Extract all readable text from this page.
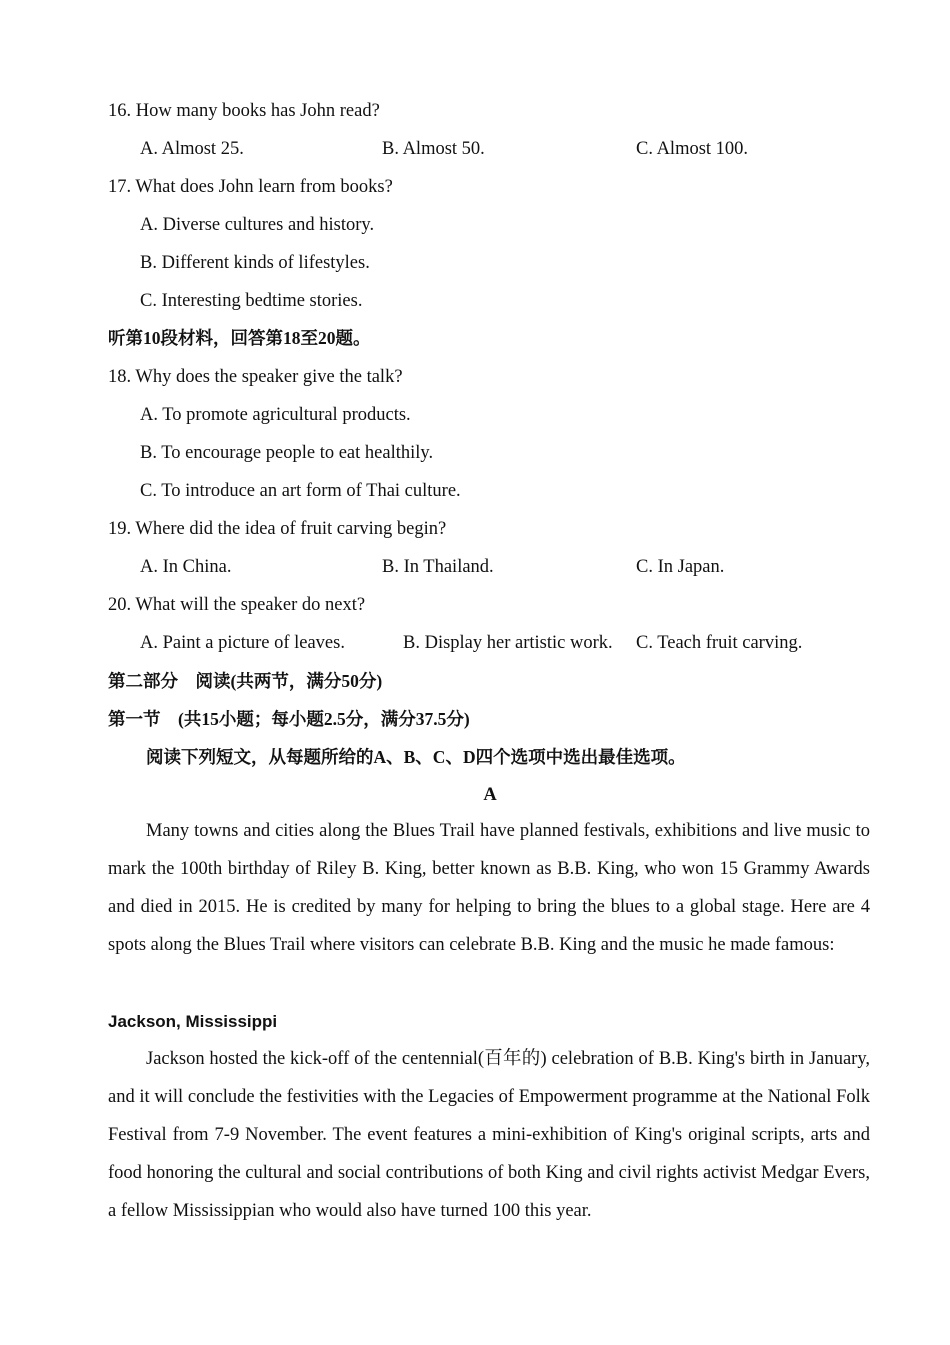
16. How many books has John read?
A. Almost 25.	B. Almost 50.	C. Almost 100.
17. What does John learn from books?
A. Diverse cultures and history.
B. Different kinds of lifestyles.
C. Interesting bedtime stories.
听第10段材料，回答第18至20题。
18. Why does the speaker give the talk?
A. To promote agricultural products.
B. To encourage people to eat healthily.
C. To introduce an art form of Thai culture.
19. Where did the idea of fruit carving begin?
A. In China.	B. In Thailand.	C. In Japan.
20. What will the speaker do next?
A. Paint a picture of leaves.	B. Display her artistic work. C. Teach fruit carving.
第二部分　阅读(共两节，满分50分)
第一节　(共15小题；每小题2.5分，满分37.5分)
阅读下列短文，从每题所给的A、B、C、D四个选项中选出最佳选项。
A

Many towns and cities along the Blues Trail have planned festivals, exhibitions and live music to mark the 100th birthday of Riley B. King, better known as B.B. King, who won 15 Grammy Awards and died in 2015. He is credited by many for helping to bring the blues to a global stage. Here are 4 spots along the Blues Trail where visitors can celebrate B.B. King and the music he made famous:

Jackson, Mississippi

Jackson hosted the kick-off of the centennial(百年的) celebration of B.B. King's birth in January, and it will conclude the festivities with the Legacies of Empowerment programme at the National Folk Festival from 7-9 November. The event features a mini-exhibition of King's original scripts, arts and food honoring the cultural and social contributions of both King and civil rights activist Medgar Evers, a fellow Mississippian who would also have turned 100 this year.
